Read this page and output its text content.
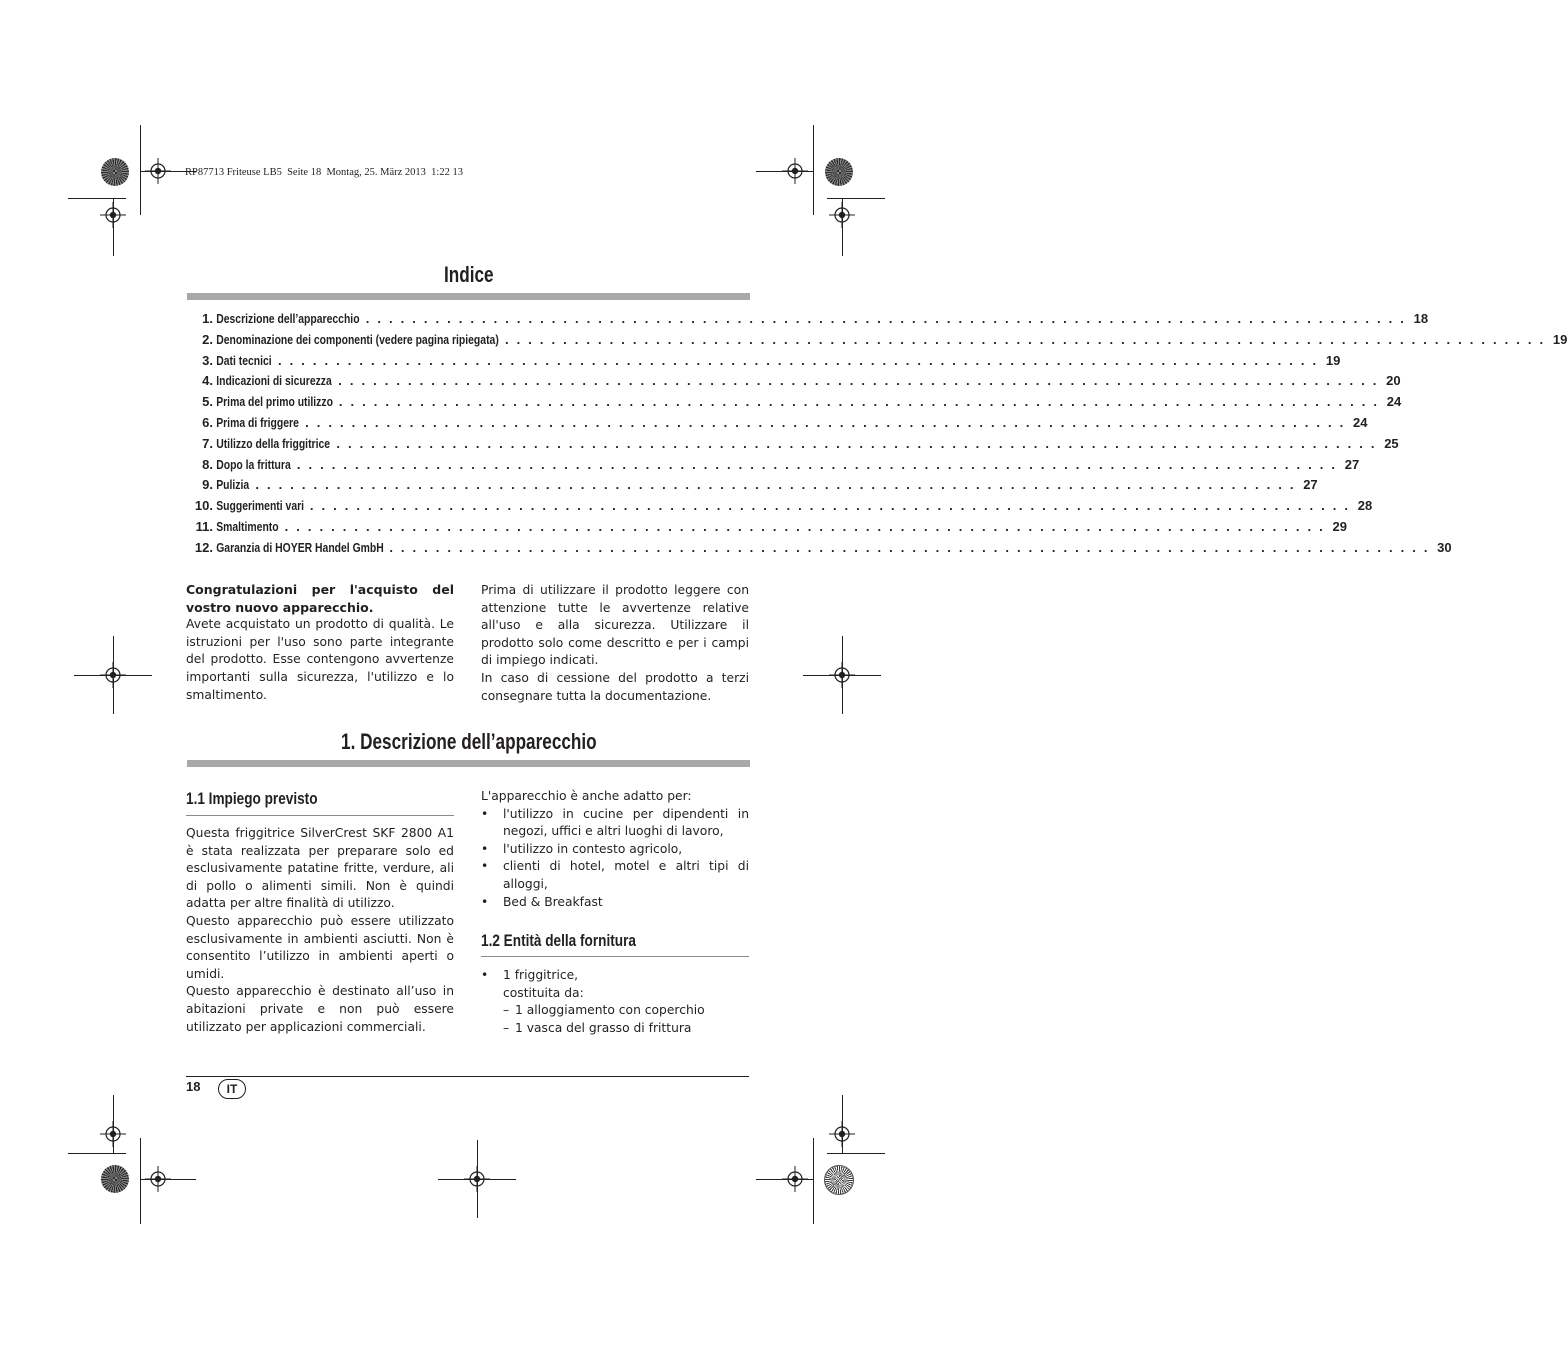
RP87713 Friteuse LB5  Seite 18  Montag, 25. März 2013  1:22 13
Indice
1. Descrizione dell’apparecchio . . . . . . . . . . . . . . . . . . . . . . . . . . . . . . . . . . . . . . . . . . . . . . . . . . . . . . . . . . . . . . . . . . . . . . . . . . . . . . . . . . . . . . . . . . 18
2. Denominazione dei componenti (vedere pagina ripiegata) . . . . . . . . . . . . . . . . . . . . . . . . . . . . . . . . . . . . . . . . . . . . . . . . . . . . . . . . . . . . . . . . . . . . . . . . . . . . . . . . . . . . . . . . . . 19
3. Dati tecnici . . . . . . . . . . . . . . . . . . . . . . . . . . . . . . . . . . . . . . . . . . . . . . . . . . . . . . . . . . . . . . . . . . . . . . . . . . . . . . . . . . . . . . . . . . 19
4. Indicazioni di sicurezza . . . . . . . . . . . . . . . . . . . . . . . . . . . . . . . . . . . . . . . . . . . . . . . . . . . . . . . . . . . . . . . . . . . . . . . . . . . . . . . . . . . . . . . . . . 20
5. Prima del primo utilizzo . . . . . . . . . . . . . . . . . . . . . . . . . . . . . . . . . . . . . . . . . . . . . . . . . . . . . . . . . . . . . . . . . . . . . . . . . . . . . . . . . . . . . . . . . . 24
6. Prima di friggere . . . . . . . . . . . . . . . . . . . . . . . . . . . . . . . . . . . . . . . . . . . . . . . . . . . . . . . . . . . . . . . . . . . . . . . . . . . . . . . . . . . . . . . . . . 24
7. Utilizzo della friggitrice . . . . . . . . . . . . . . . . . . . . . . . . . . . . . . . . . . . . . . . . . . . . . . . . . . . . . . . . . . . . . . . . . . . . . . . . . . . . . . . . . . . . . . . . . . 25
8. Dopo la frittura . . . . . . . . . . . . . . . . . . . . . . . . . . . . . . . . . . . . . . . . . . . . . . . . . . . . . . . . . . . . . . . . . . . . . . . . . . . . . . . . . . . . . . . . . . 27
9. Pulizia . . . . . . . . . . . . . . . . . . . . . . . . . . . . . . . . . . . . . . . . . . . . . . . . . . . . . . . . . . . . . . . . . . . . . . . . . . . . . . . . . . . . . . . . . . 27
10. Suggerimenti vari . . . . . . . . . . . . . . . . . . . . . . . . . . . . . . . . . . . . . . . . . . . . . . . . . . . . . . . . . . . . . . . . . . . . . . . . . . . . . . . . . . . . . . . . . . 28
11. Smaltimento . . . . . . . . . . . . . . . . . . . . . . . . . . . . . . . . . . . . . . . . . . . . . . . . . . . . . . . . . . . . . . . . . . . . . . . . . . . . . . . . . . . . . . . . . . 29
12. Garanzia di HOYER Handel GmbH . . . . . . . . . . . . . . . . . . . . . . . . . . . . . . . . . . . . . . . . . . . . . . . . . . . . . . . . . . . . . . . . . . . . . . . . . . . . . . . . . . . . . . . . . . 30
Congratulazioni per l'acquisto del vostro nuovo apparecchio.
Avete acquistato un prodotto di qualità. Le istruzioni per l'uso sono parte integrante del prodotto. Esse contengono avvertenze importanti sulla sicurezza, l'utilizzo e lo smaltimento.
Prima di utilizzare il prodotto leggere con attenzione tutte le avvertenze relative all'uso e alla sicurezza. Utilizzare il prodotto solo come descritto e per i campi di impiego indicati.
In caso di cessione del prodotto a terzi consegnare tutta la documentazione.
1. Descrizione dell’apparecchio
1.1 Impiego previsto
Questa friggitrice SilverCrest SKF 2800 A1 è stata realizzata per preparare solo ed esclusivamente patatine fritte, verdure, ali di pollo o alimenti simili. Non è quindi adatta per altre finalità di utilizzo.
Questo apparecchio può essere utilizzato esclusivamente in ambienti asciutti. Non è consentito l’utilizzo in ambienti aperti o umidi.
Questo apparecchio è destinato all’uso in abitazioni private e non può essere utilizzato per applicazioni commerciali.
L'apparecchio è anche adatto per:
•	l'utilizzo in cucine per dipendenti in negozi, uffici e altri luoghi di lavoro,
•	l'utilizzo in contesto agricolo,
•	clienti di hotel, motel e altri tipi di alloggi,
•	Bed & Breakfast
1.2 Entità della fornitura
•	1 friggitrice,
costituita da:
– 1 alloggiamento con coperchio
– 1 vasca del grasso di frittura
18	IT
